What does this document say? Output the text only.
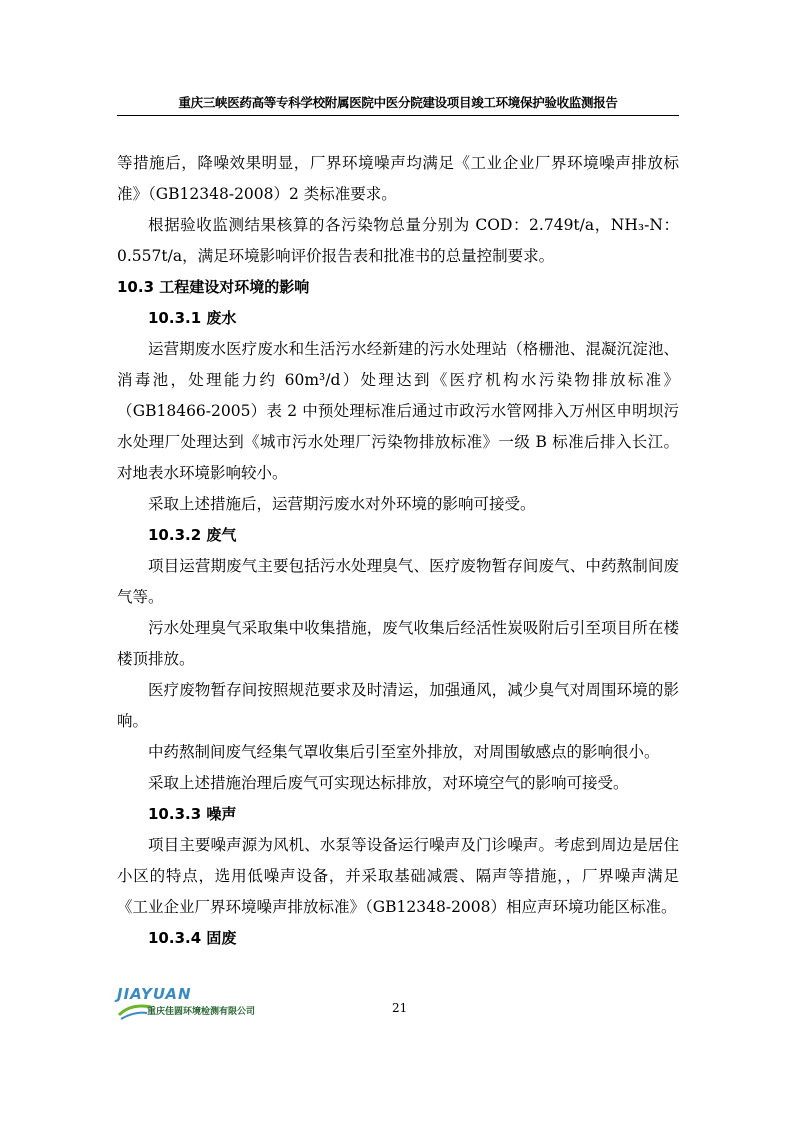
重庆三峡医药高等专科学校附属医院中医分院建设项目竣工环境保护验收监测报告

等措施后，降噪效果明显，厂界环境噪声均满足《工业企业厂界环境噪声排放标准》（GB12348-2008）2 类标准要求。

根据验收监测结果核算的各污染物总量分别为 COD：2.749t/a，NH₃-N：0.557t/a，满足环境影响评价报告表和批准书的总量控制要求。

10.3 工程建设对环境的影响
10.3.1 废水

运营期废水医疗废水和生活污水经新建的污水处理站（格栅池、混凝沉淀池、消毒池，处理能力约 60m³/d）处理达到《医疗机构水污染物排放标准》（GB18466-2005）表 2 中预处理标准后通过市政污水管网排入万州区申明坝污水处理厂处理达到《城市污水处理厂污染物排放标准》一级 B 标准后排入长江。对地表水环境影响较小。

采取上述措施后，运营期污废水对外环境的影响可接受。

10.3.2 废气

项目运营期废气主要包括污水处理臭气、医疗废物暂存间废气、中药熬制间废气等。

污水处理臭气采取集中收集措施，废气收集后经活性炭吸附后引至项目所在楼楼顶排放。

医疗废物暂存间按照规范要求及时清运，加强通风，减少臭气对周围环境的影响。

中药熬制间废气经集气罩收集后引至室外排放，对周围敏感点的影响很小。

采取上述措施治理后废气可实现达标排放，对环境空气的影响可接受。

10.3.3 噪声

项目主要噪声源为风机、水泵等设备运行噪声及门诊噪声。考虑到周边是居住小区的特点，选用低噪声设备，并采取基础减震、隔声等措施，，厂界噪声满足《工业企业厂界环境噪声排放标准》（GB12348-2008）相应声环境功能区标准。

10.3.4 固废
JIAYUAN
重庆佳圆环境检测有限公司	21
